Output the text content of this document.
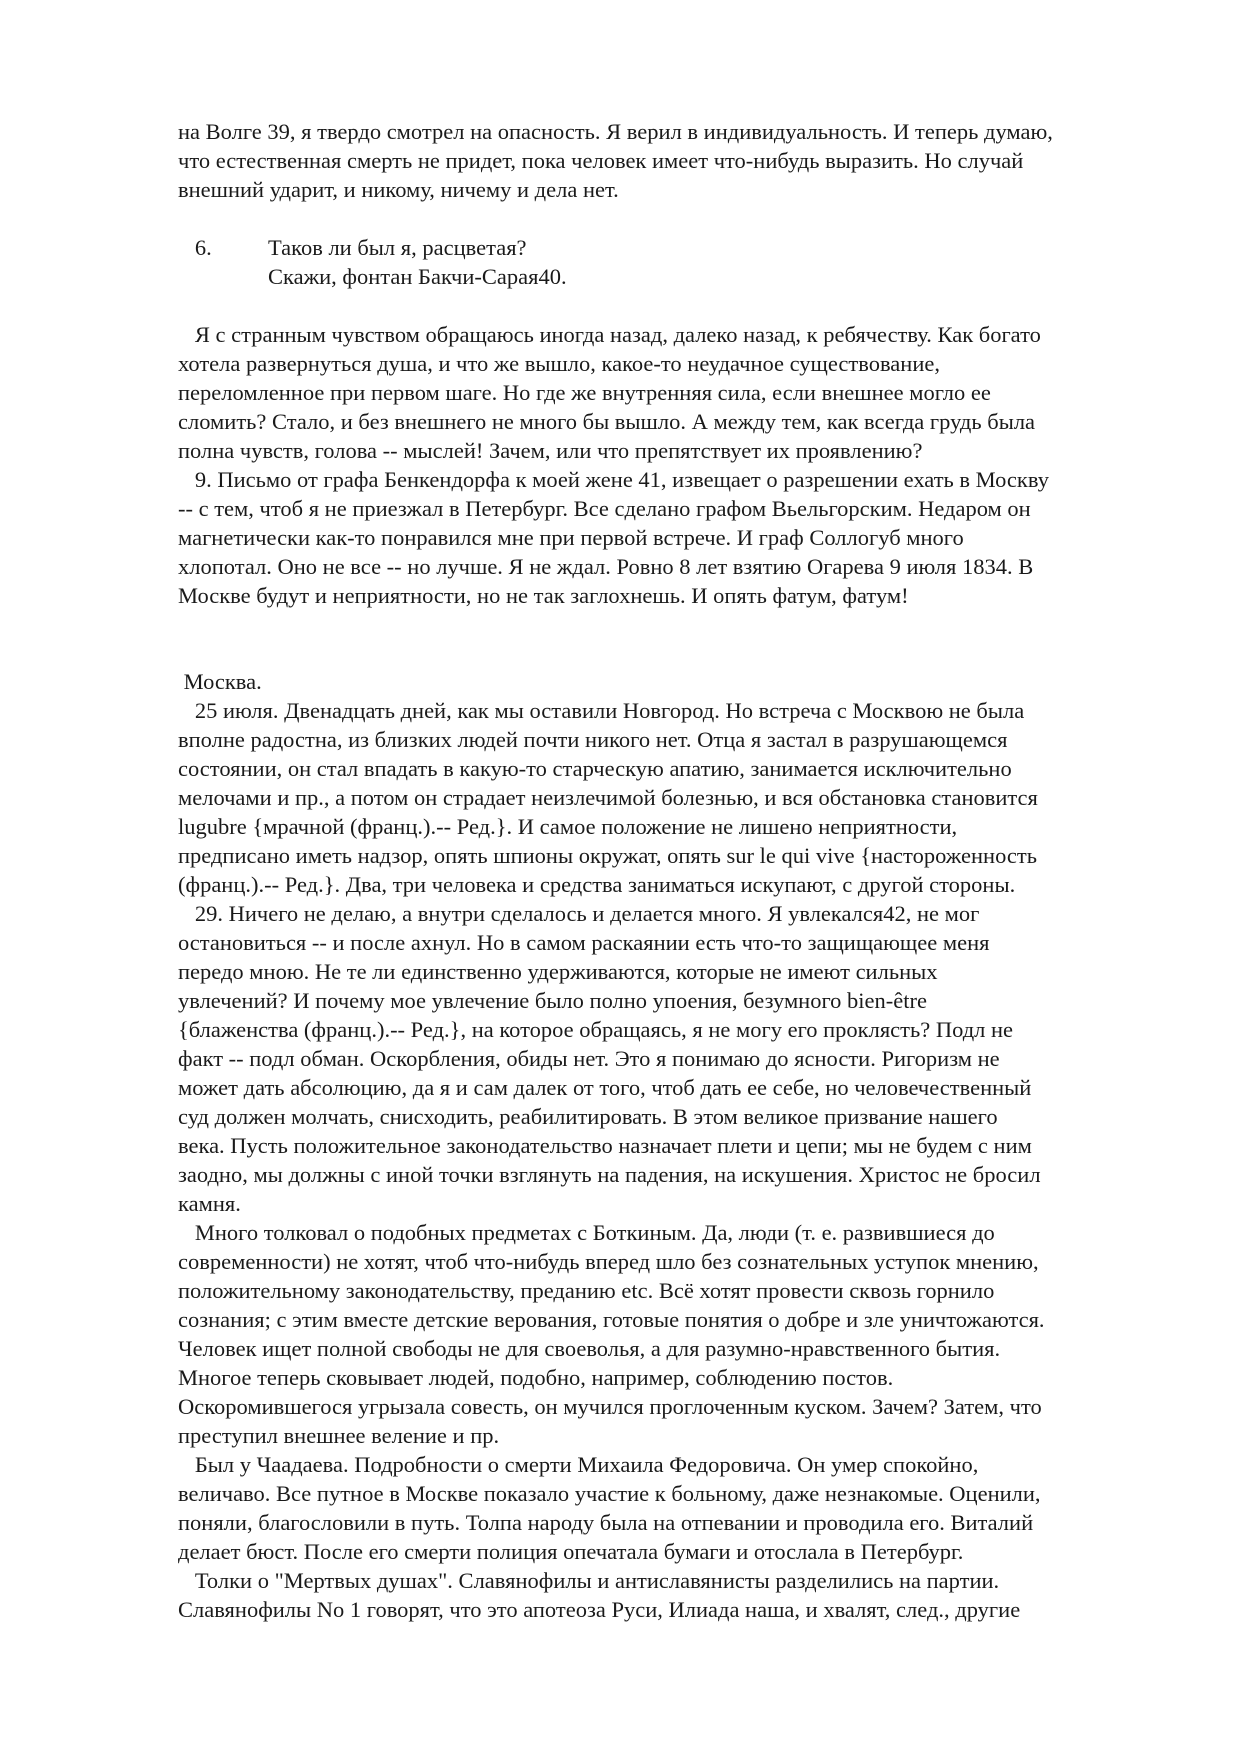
на Волге 39, я твердо смотрел на опасность. Я верил в индивидуальность. И теперь думаю,
что естественная смерть не придет, пока человек имеет что-нибудь выразить. Но случай
внешний ударит, и никому, ничему и дела нет.
6.          Таков ли был я, расцветая?
Скажи, фонтан Бакчи-Сарая40.
Я с странным чувством обращаюсь иногда назад, далеко назад, к ребячеству. Как богато
хотела развернуться душа, и что же вышло, какое-то неудачное существование,
переломленное при первом шаге. Но где же внутренняя сила, если внешнее могло ее
сломить? Стало, и без внешнего не много бы вышло. А между тем, как всегда грудь была
полна чувств, голова -- мыслей! Зачем, или что препятствует их проявлению?
9. Письмо от графа Бенкендорфа к моей жене 41, извещает о разрешении ехать в Москву
-- с тем, чтоб я не приезжал в Петербург. Все сделано графом Вьельгорским. Недаром он
магнетически как-то понравился мне при первой встрече. И граф Соллогуб много
хлопотал. Оно не все -- но лучше. Я не ждал. Ровно 8 лет взятию Огарева 9 июля 1834. В
Москве будут и неприятности, но не так заглохнешь. И опять фатум, фатум!
Москва.
25 июля. Двенадцать дней, как мы оставили Новгород. Но встреча с Москвою не была
вполне радостна, из близких людей почти никого нет. Отца я застал в разрушающемся
состоянии, он стал впадать в какую-то старческую апатию, занимается исключительно
мелочами и пр., а потом он страдает неизлечимой болезнью, и вся обстановка становится
lugubre {мрачной (франц.).-- Ред.}. И самое положение не лишено неприятности,
предписано иметь надзор, опять шпионы окружат, опять sur le qui vive {настороженность
(франц.).-- Ред.}. Два, три человека и средства заниматься искупают, с другой стороны.
29. Ничего не делаю, а внутри сделалось и делается много. Я увлекался42, не мог
остановиться -- и после ахнул. Но в самом раскаянии есть что-то защищающее меня
передо мною. Не те ли единственно удерживаются, которые не имеют сильных
увлечений? И почему мое увлечение было полно упоения, безумного bien-être
{блаженства (франц.).-- Ред.}, на которое обращаясь, я не могу его проклясть? Подл не
факт -- подл обман. Оскорбления, обиды нет. Это я понимаю до ясности. Ригоризм не
может дать абсолюцию, да я и сам далек от того, чтоб дать ее себе, но человечественный
суд должен молчать, снисходить, реабилитировать. В этом великое призвание нашего
века. Пусть положительное законодательство назначает плети и цепи; мы не будем с ним
заодно, мы должны с иной точки взглянуть на падения, на искушения. Христос не бросил
камня.
Много толковал о подобных предметах с Боткиным. Да, люди (т. е. развившиеся до
современности) не хотят, чтоб что-нибудь вперед шло без сознательных уступок мнению,
положительному законодательству, преданию etc. Всё хотят провести сквозь горнило
сознания; с этим вместе детские верования, готовые понятия о добре и зле уничтожаются.
Человек ищет полной свободы не для своеволья, а для разумно-нравственного бытия.
Многое теперь сковывает людей, подобно, например, соблюдению постов.
Оскоромившегося угрызала совесть, он мучился проглоченным куском. Зачем? Затем, что
преступил внешнее веление и пр.
Был у Чаадаева. Подробности о смерти Михаила Федоровича. Он умер спокойно,
величаво. Все путное в Москве показало участие к больному, даже незнакомые. Оценили,
поняли, благословили в путь. Толпа народу была на отпевании и проводила его. Виталий
делает бюст. После его смерти полиция опечатала бумаги и отослала в Петербург.
Толки о "Мертвых душах". Славянофилы и антиславянисты разделились на партии.
Славянофилы No 1 говорят, что это апотеоза Руси, Илиада наша, и хвалят, след., другие
